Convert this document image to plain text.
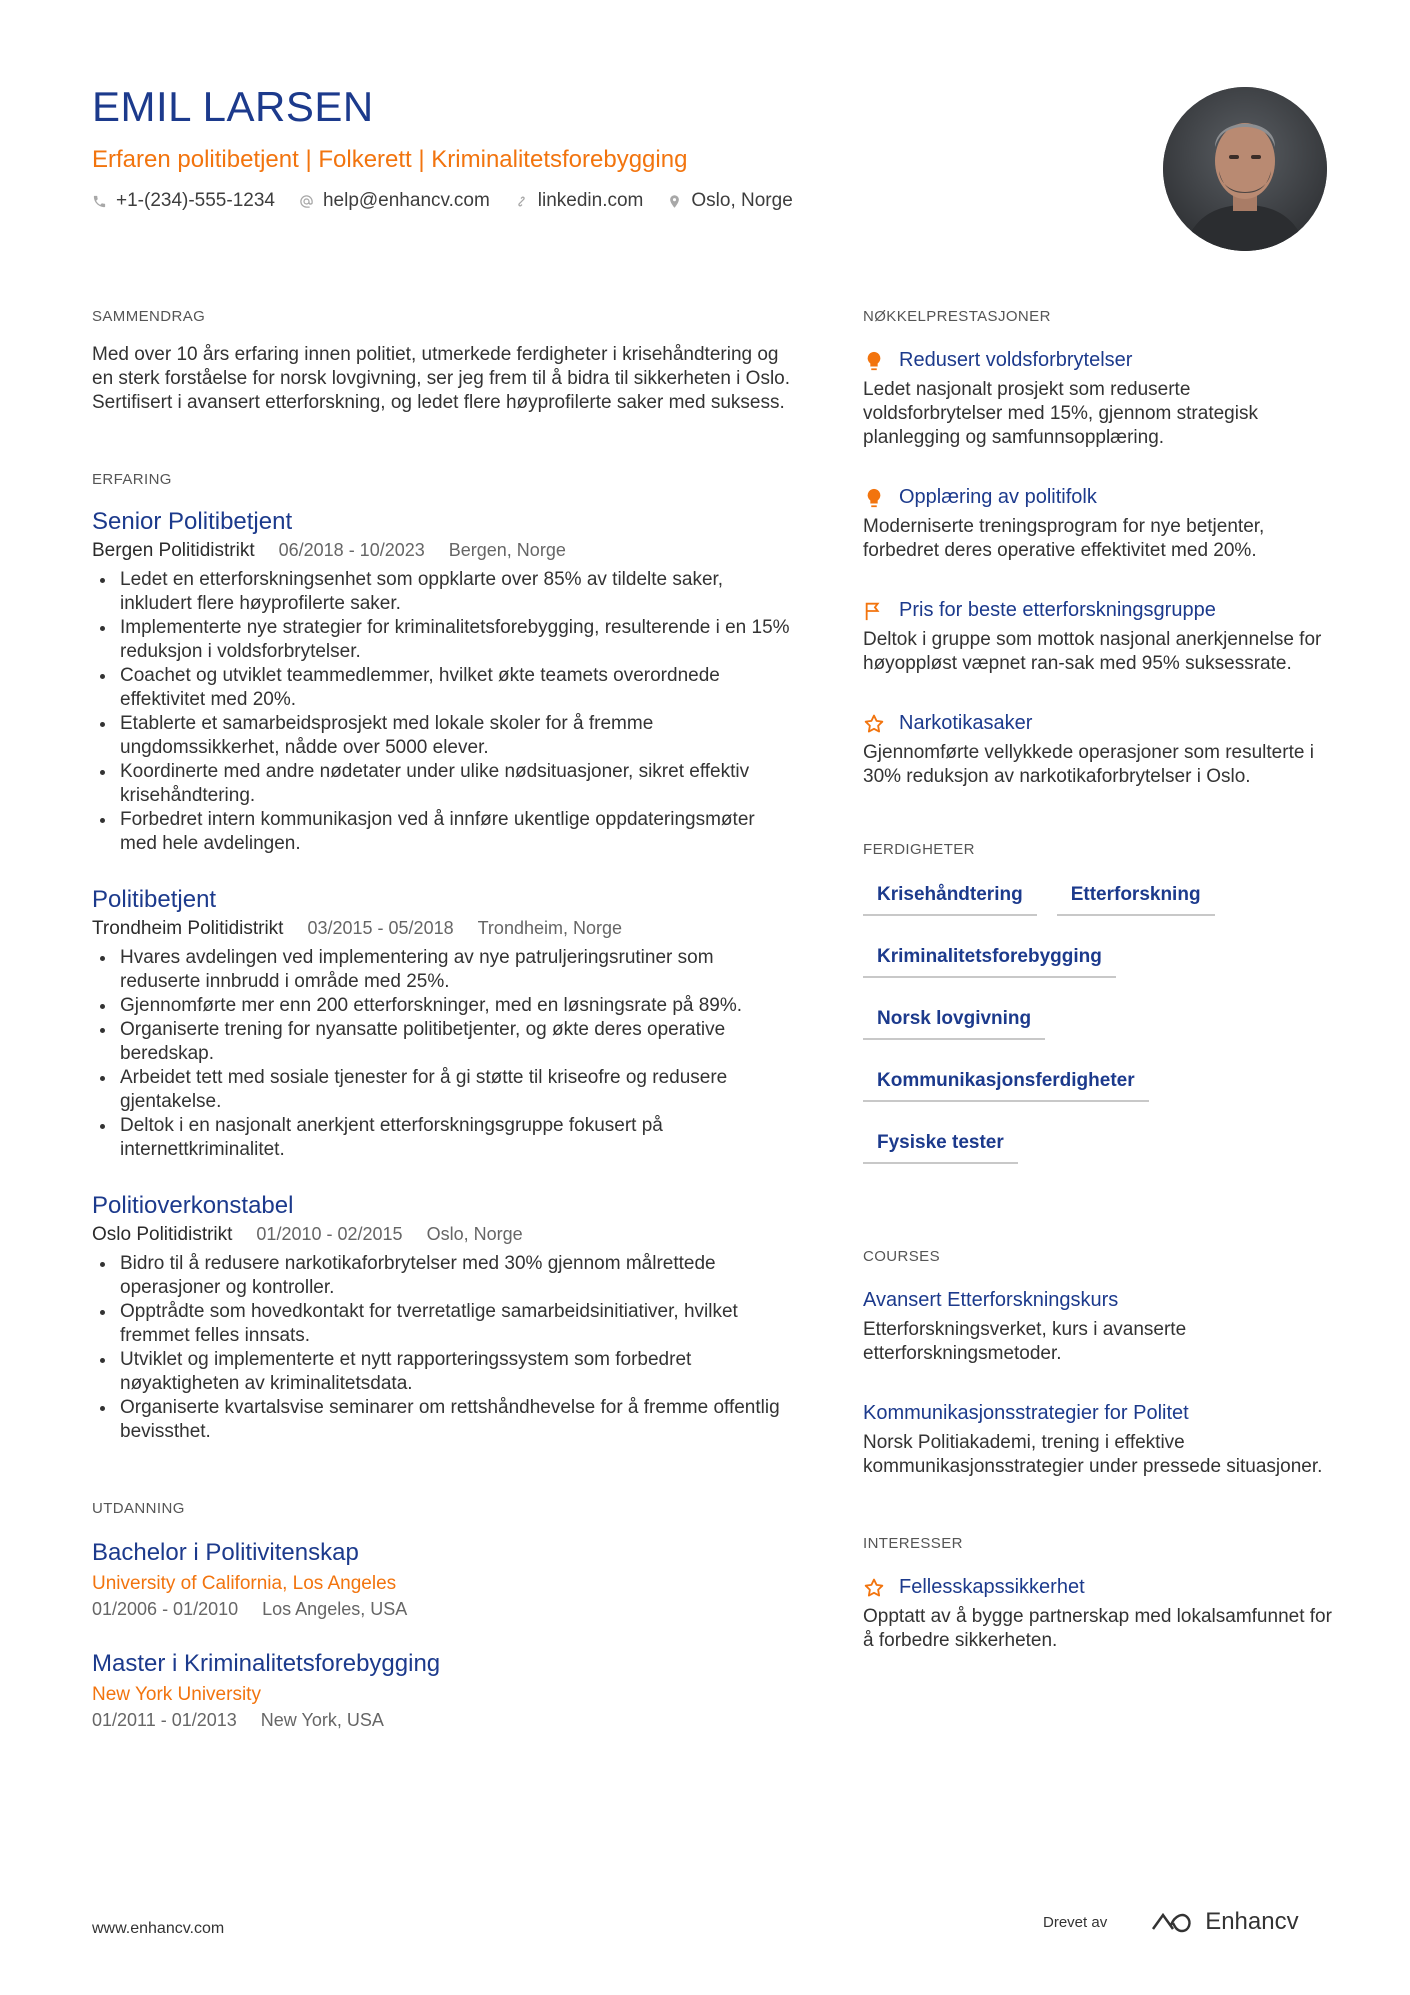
EMIL LARSEN
Erfaren politibetjent | Folkerett | Kriminalitetsforebygging
+1-(234)-555-1234	help@enhancv.com	linkedin.com	Oslo, Norge
SAMMENDRAG

Med over 10 års erfaring innen politiet, utmerkede ferdigheter i krisehåndtering og en sterk forståelse for norsk lovgivning, ser jeg frem til å bidra til sikkerheten i Oslo. Sertifisert i avansert etterforskning, og ledet flere høyprofilerte saker med suksess.

ERFARING
Senior Politibetjent
Bergen Politidistrikt 06/2018 - 10/2023 Bergen, Norge
Ledet en etterforskningsenhet som oppklarte over 85% av tildelte saker, inkludert flere høyprofilerte saker.
Implementerte nye strategier for kriminalitetsforebygging, resulterende i en 15% reduksjon i voldsforbrytelser.
Coachet og utviklet teammedlemmer, hvilket økte teamets overordnede effektivitet med 20%.
Etablerte et samarbeidsprosjekt med lokale skoler for å fremme ungdomssikkerhet, nådde over 5000 elever.
Koordinerte med andre nødetater under ulike nødsituasjoner, sikret effektiv krisehåndtering.
Forbedret intern kommunikasjon ved å innføre ukentlige oppdateringsmøter med hele avdelingen.
Politibetjent
Trondheim Politidistrikt 03/2015 - 05/2018 Trondheim, Norge
Hvares avdelingen ved implementering av nye patruljeringsrutiner som reduserte innbrudd i område med 25%.
Gjennomførte mer enn 200 etterforskninger, med en løsningsrate på 89%.
Organiserte trening for nyansatte politibetjenter, og økte deres operative beredskap.
Arbeidet tett med sosiale tjenester for å gi støtte til kriseofre og redusere gjentakelse.
Deltok i en nasjonalt anerkjent etterforskningsgruppe fokusert på internettkriminalitet.
Politioverkonstabel
Oslo Politidistrikt 01/2010 - 02/2015 Oslo, Norge
Bidro til å redusere narkotikaforbrytelser med 30% gjennom målrettede operasjoner og kontroller.
Opptrådte som hovedkontakt for tverretatlige samarbeidsinitiativer, hvilket fremmet felles innsats.
Utviklet og implementerte et nytt rapporteringssystem som forbedret nøyaktigheten av kriminalitetsdata.
Organiserte kvartalsvise seminarer om rettshåndhevelse for å fremme offentlig bevissthet.
UTDANNING
Bachelor i Politivitenskap
University of California, Los Angeles
01/2006 - 01/2010 Los Angeles, USA
Master i Kriminalitetsforebygging
New York University
01/2011 - 01/2013 New York, USA
NØKKELPRESTASJONER
Redusert voldsforbrytelser

Ledet nasjonalt prosjekt som reduserte voldsforbrytelser med 15%, gjennom strategisk planlegging og samfunnsopplæring.

Opplæring av politifolk

Moderniserte treningsprogram for nye betjenter, forbedret deres operative effektivitet med 20%.

Pris for beste etterforskningsgruppe

Deltok i gruppe som mottok nasjonal anerkjennelse for høyoppløst væpnet ran-sak med 95% suksessrate.

Narkotikasaker

Gjennomførte vellykkede operasjoner som resulterte i 30% reduksjon av narkotikaforbrytelser i Oslo.

FERDIGHETER
Krisehåndtering	Etterforskning
Kriminalitetsforebygging
Norsk lovgivning
Kommunikasjonsferdigheter
Fysiske tester
COURSES
Avansert Etterforskningskurs

Etterforskningsverket, kurs i avanserte etterforskningsmetoder.

Kommunikasjonsstrategier for Politet

Norsk Politiakademi, trening i effektive kommunikasjonsstrategier under pressede situasjoner.

INTERESSER
Fellesskapssikkerhet

Opptatt av å bygge partnerskap med lokalsamfunnet for å forbedre sikkerheten.

www.enhancv.com	Drevet av	Enhancv
